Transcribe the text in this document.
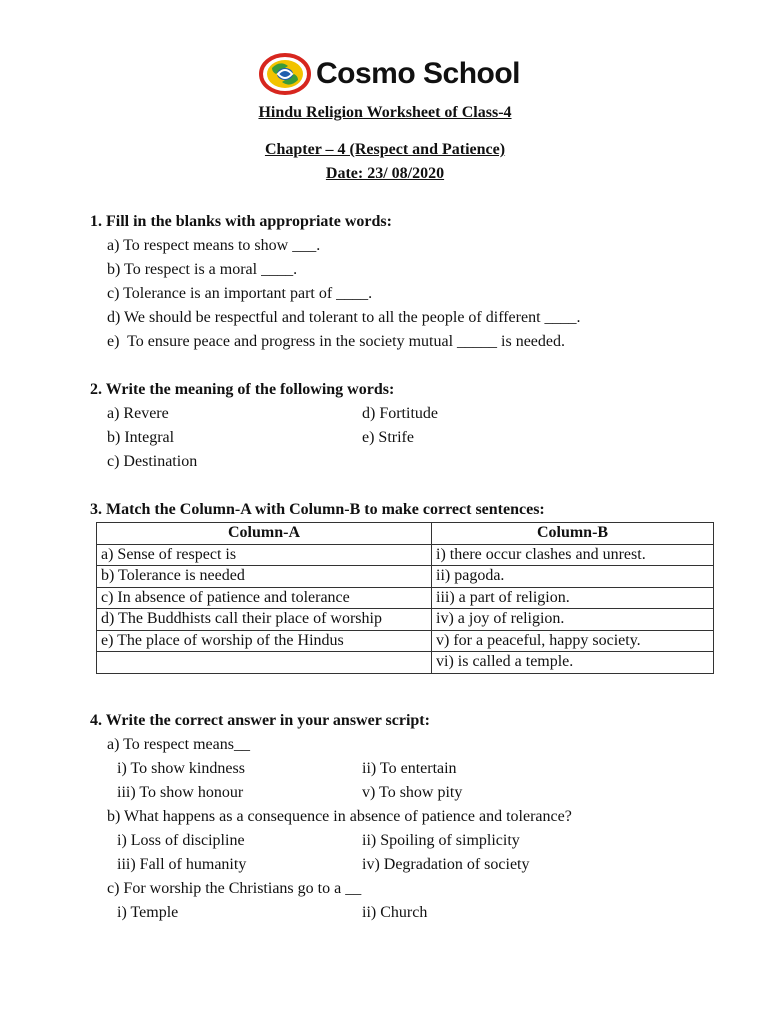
Cosmo School
Hindu Religion Worksheet of Class-4
Chapter – 4 (Respect and Patience)
Date: 23/ 08/2020
1. Fill in the blanks with appropriate words:
a) To respect means to show ___.
b) To respect is a moral ____.
c) Tolerance is an important part of ____.
d) We should be respectful and tolerant to all the people of different ____.
e)  To ensure peace and progress in the society mutual _____ is needed.
2. Write the meaning of the following words:
a) Revere
b) Integral
c) Destination
d) Fortitude
e) Strife
3. Match the Column-A with Column-B to make correct sentences:
Column-A	Column-B
a) Sense of respect is	i) there occur clashes and unrest.
b) Tolerance is needed	ii) pagoda.
c) In absence of patience and tolerance	iii) a part of religion.
d) The Buddhists call their place of worship	iv) a joy of religion.
e) The place of worship of the Hindus	v) for a peaceful, happy society.
	vi) is called a temple.
4. Write the correct answer in your answer script:
a) To respect means__
i) To show kindness	ii) To entertain
iii) To show honour	v) To show pity
b) What happens as a consequence in absence of patience and tolerance?
i) Loss of discipline	ii) Spoiling of simplicity
iii) Fall of humanity	iv) Degradation of society
c) For worship the Christians go to a __
i) Temple	ii) Church
